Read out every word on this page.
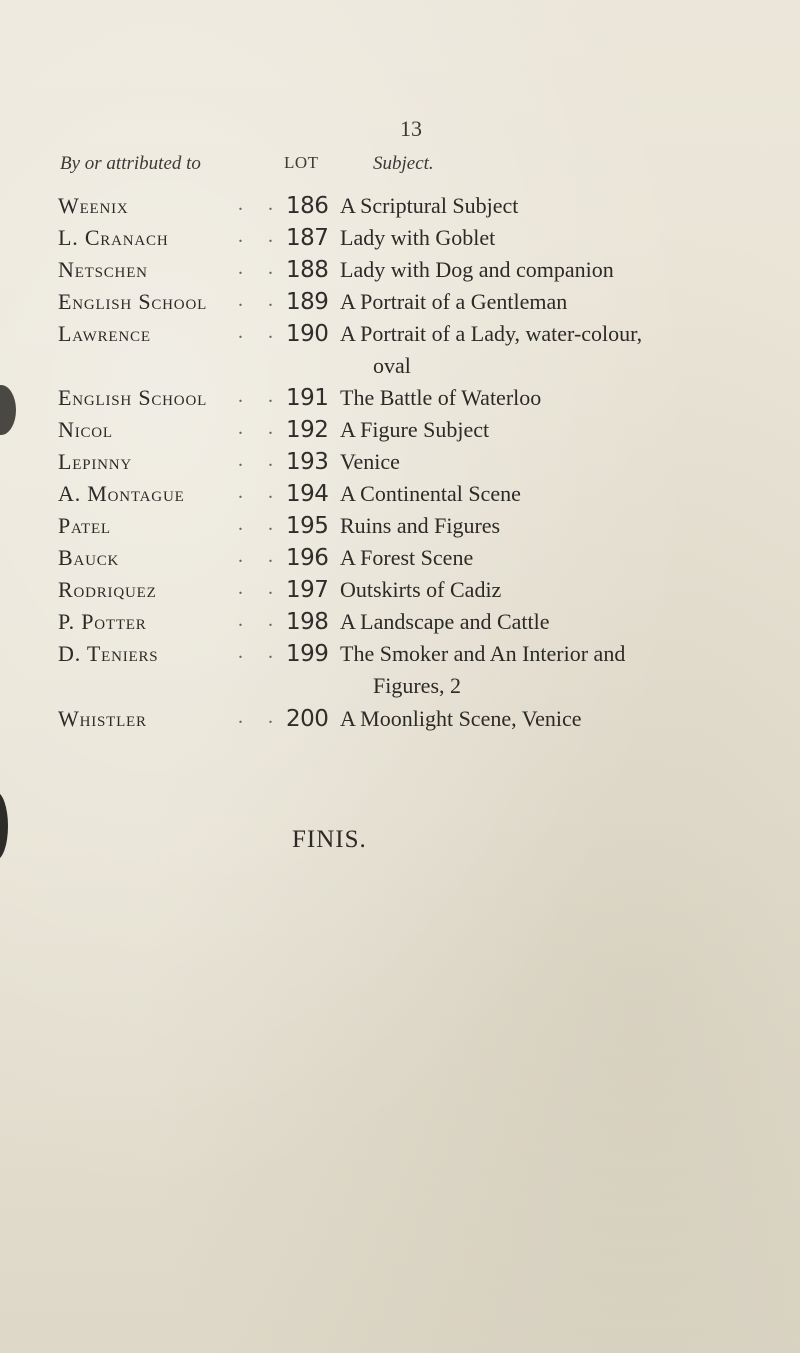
13
By or attributed to	LOT	Subject.
Weenix	.     . 186 A Scriptural Subject
L. Cranach	.     . 187 Lady with Goblet
Netschen	.     . 188 Lady with Dog and companion
English School .     . 189 A Portrait of a Gentleman
Lawrence	.     . 190 A Portrait of a Lady, water-colour,
oval
English School .     . 191 The Battle of Waterloo
Nicol	.     . 192 A Figure Subject
Lepinny	.     . 193 Venice
A. Montague	.     . 194 A Continental Scene
Patel	.     . 195 Ruins and Figures
Bauck	.     . 196 A Forest Scene
Rodriquez	.     . 197 Outskirts of Cadiz
P. Potter	.     . 198 A Landscape and Cattle
D. Teniers	.     . 199 The Smoker and An Interior and
Figures, 2
Whistler	.     . 200 A Moonlight Scene, Venice
FINIS.
